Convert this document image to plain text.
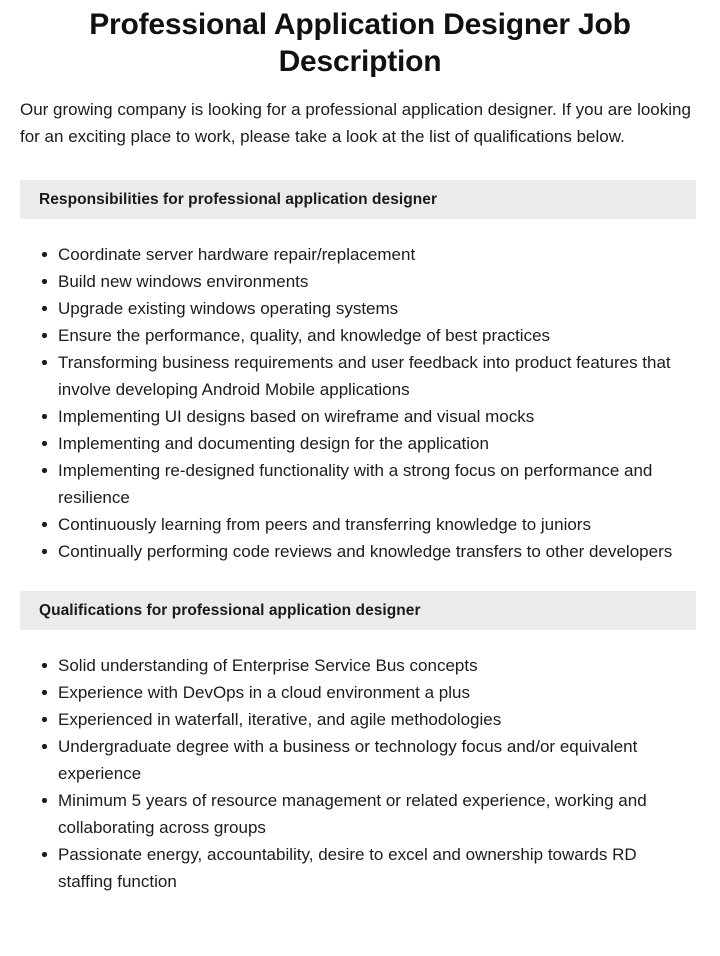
Professional Application Designer Job Description

Our growing company is looking for a professional application designer. If you are looking for an exciting place to work, please take a look at the list of qualifications below.

Responsibilities for professional application designer
Coordinate server hardware repair/replacement
Build new windows environments
Upgrade existing windows operating systems
Ensure the performance, quality, and knowledge of best practices
Transforming business requirements and user feedback into product features that involve developing Android Mobile applications
Implementing UI designs based on wireframe and visual mocks
Implementing and documenting design for the application
Implementing re-designed functionality with a strong focus on performance and resilience
Continuously learning from peers and transferring knowledge to juniors
Continually performing code reviews and knowledge transfers to other developers
Qualifications for professional application designer
Solid understanding of Enterprise Service Bus concepts
Experience with DevOps in a cloud environment a plus
Experienced in waterfall, iterative, and agile methodologies
Undergraduate degree with a business or technology focus and/or equivalent experience
Minimum 5 years of resource management or related experience, working and collaborating across groups
Passionate energy, accountability, desire to excel and ownership towards RD staffing function
